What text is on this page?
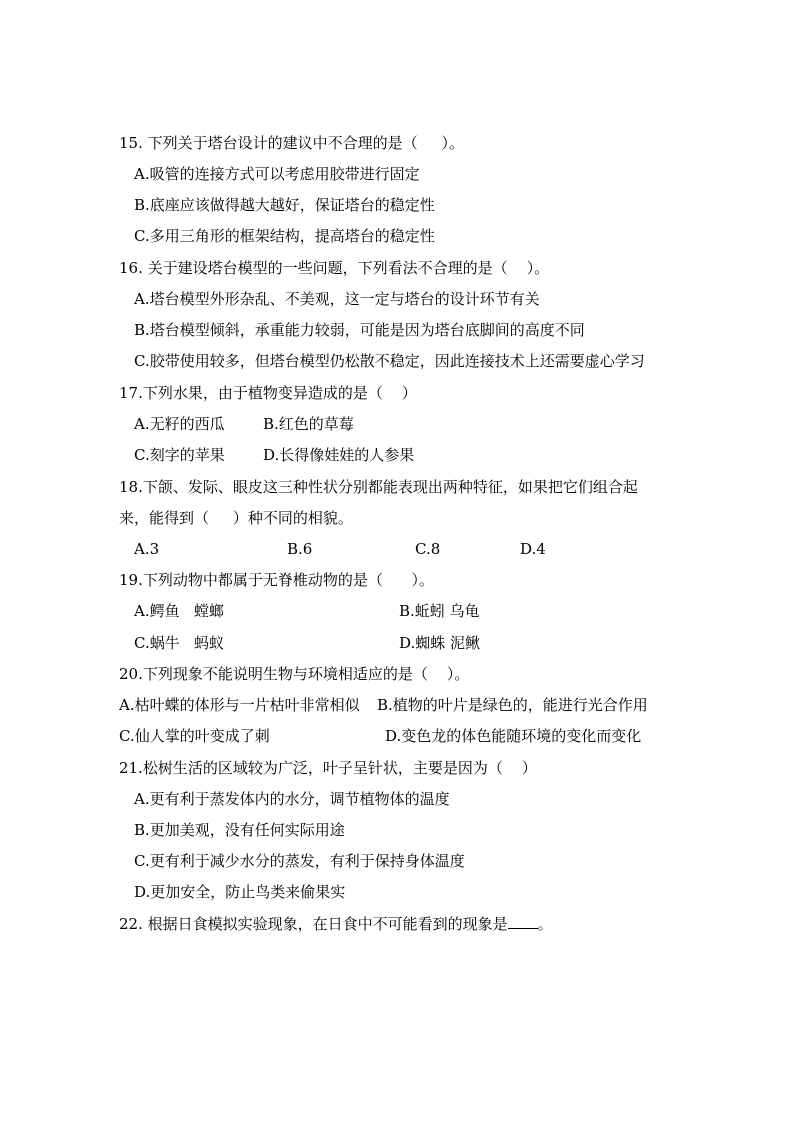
15. 下列关于塔台设计的建议中不合理的是（     ）。
A.吸管的连接方式可以考虑用胶带进行固定
B.底座应该做得越大越好，保证塔台的稳定性
C.多用三角形的框架结构，提高塔台的稳定性
16. 关于建设塔台模型的一些问题，下列看法不合理的是（    ）。
A.塔台模型外形杂乱、不美观，这一定与塔台的设计环节有关
B.塔台模型倾斜，承重能力较弱，可能是因为塔台底脚间的高度不同
C.胶带使用较多，但塔台模型仍松散不稳定，因此连接技术上还需要虚心学习
17.下列水果，由于植物变异造成的是（    ）
A.无籽的西瓜	B.红色的草莓
C.刻字的苹果	D.长得像娃娃的人参果
18.下颌、发际、眼皮这三种性状分别都能表现出两种特征，如果把它们组合起
来，能得到（     ）种不同的相貌。
A.3	B.6	C.8	D.4
19.下列动物中都属于无脊椎动物的是（      ）。
A.鳄鱼   螳螂	B.蚯蚓 乌龟
C.蜗牛   蚂蚁	D.蜘蛛 泥鳅
20.下列现象不能说明生物与环境相适应的是（    ）。
A.枯叶蝶的体形与一片枯叶非常相似 B.植物的叶片是绿色的，能进行光合作用
C.仙人掌的叶变成了刺	D.变色龙的体色能随环境的变化而变化
21.松树生活的区域较为广泛，叶子呈针状，主要是因为（    ）
A.更有利于蒸发体内的水分，调节植物体的温度
B.更加美观，没有任何实际用途
C.更有利于减少水分的蒸发，有利于保持身体温度
D.更加安全，防止鸟类来偷果实
22. 根据日食模拟实验现象，在日食中不可能看到的现象是 。
